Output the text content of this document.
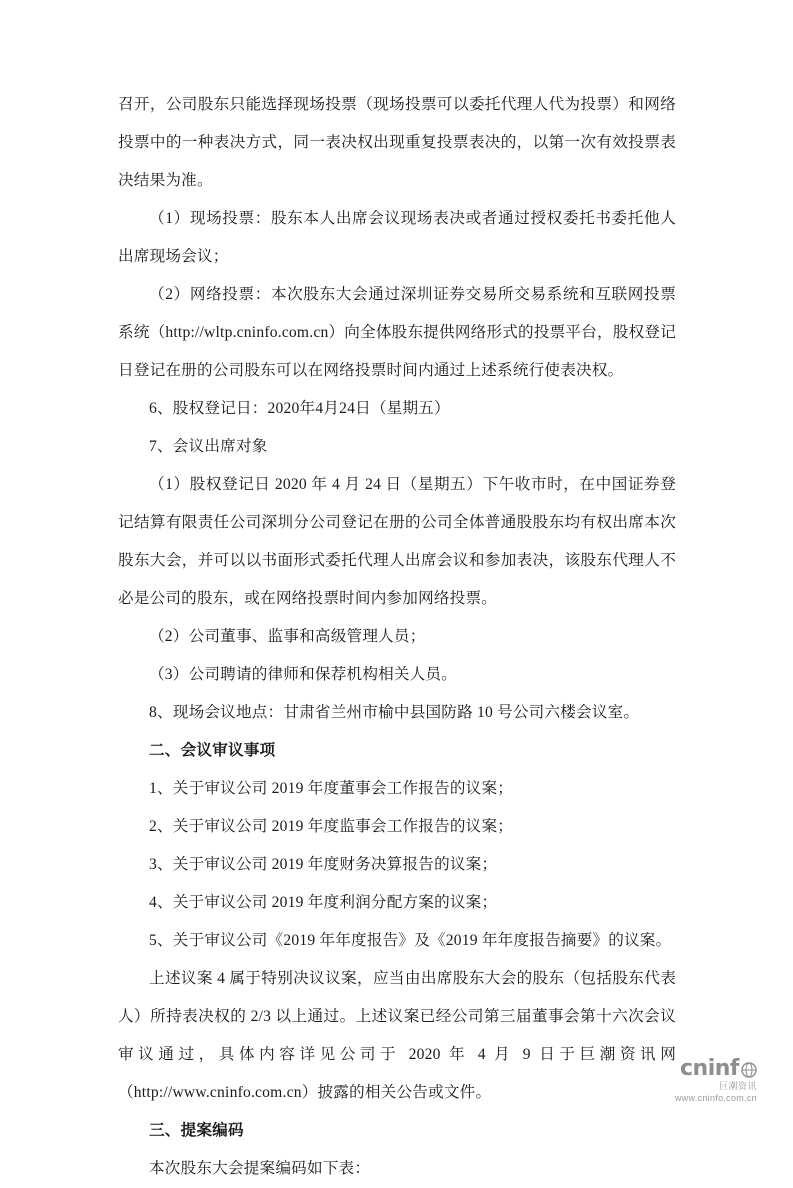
召开，公司股东只能选择现场投票（现场投票可以委托代理人代为投票）和网络投票中的一种表决方式，同一表决权出现重复投票表决的，以第一次有效投票表决结果为准。

（1）现场投票：股东本人出席会议现场表决或者通过授权委托书委托他人出席现场会议；

（2）网络投票：本次股东大会通过深圳证券交易所交易系统和互联网投票系统（http://wltp.cninfo.com.cn）向全体股东提供网络形式的投票平台，股权登记日登记在册的公司股东可以在网络投票时间内通过上述系统行使表决权。

6、股权登记日：2020年4月24日（星期五）

7、会议出席对象

（1）股权登记日 2020 年 4 月 24 日（星期五）下午收市时，在中国证券登记结算有限责任公司深圳分公司登记在册的公司全体普通股股东均有权出席本次股东大会，并可以以书面形式委托代理人出席会议和参加表决，该股东代理人不必是公司的股东，或在网络投票时间内参加网络投票。

（2）公司董事、监事和高级管理人员；

（3）公司聘请的律师和保荐机构相关人员。

8、现场会议地点：甘肃省兰州市榆中县国防路 10 号公司六楼会议室。

二、会议审议事项

1、关于审议公司 2019 年度董事会工作报告的议案；

2、关于审议公司 2019 年度监事会工作报告的议案；

3、关于审议公司 2019 年度财务决算报告的议案；

4、关于审议公司 2019 年度利润分配方案的议案；

5、关于审议公司《2019 年年度报告》及《2019 年年度报告摘要》的议案。

上述议案 4 属于特别决议议案，应当由出席股东大会的股东（包括股东代表人）所持表决权的 2/3 以上通过。上述议案已经公司第三届董事会第十六次会议审议通过，具体内容详见公司于 2020 年 4 月 9 日于巨潮资讯网（http://www.cninfo.com.cn）披露的相关公告或文件。

三、提案编码

本次股东大会提案编码如下表：

cninf
巨潮资讯
www.cninfo.com.cn
